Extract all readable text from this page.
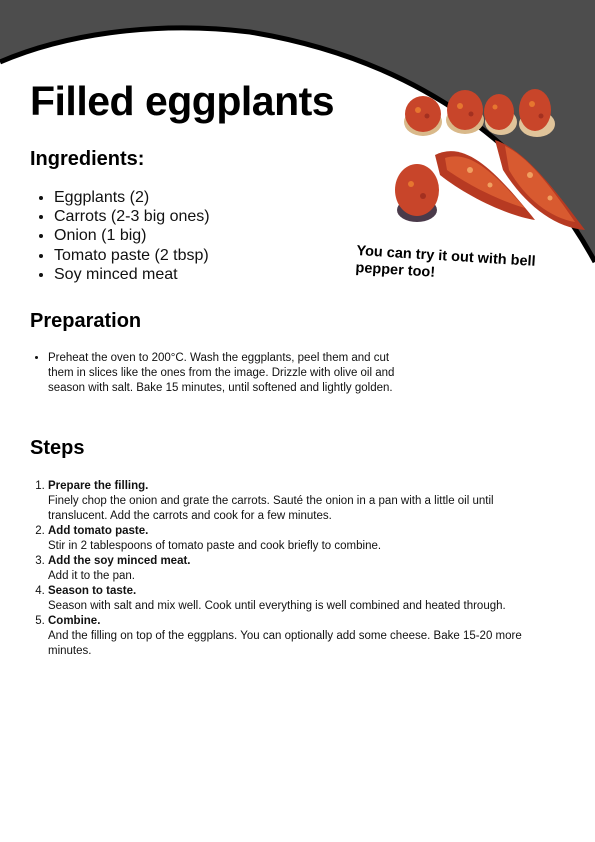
Filled eggplants
You can try it out with bell pepper too!
Ingredients:
• Eggplants (2)
• Carrots (2-3 big ones)
• Onion (1 big)
• Tomato paste (2 tbsp)
• Soy minced meat
Preparation
• Preheat the oven to 200°C. Wash the eggplants, peel them and cut them in slices like the ones from the image. Drizzle with olive oil and season with salt. Bake 15 minutes, until softened and lightly golden.
Steps
1. Prepare the filling.
Finely chop the onion and grate the carrots. Sauté the onion in a pan with a little oil until translucent. Add the carrots and cook for a few minutes.
2. Add tomato paste.
Stir in 2 tablespoons of tomato paste and cook briefly to combine.
3. Add the soy minced meat.
Add it to the pan.
4. Season to taste.
Season with salt and mix well. Cook until everything is well combined and heated through.
5. Combine.
And the filling on top of the eggplans. You can optionally add some cheese. Bake 15-20 more minutes.
